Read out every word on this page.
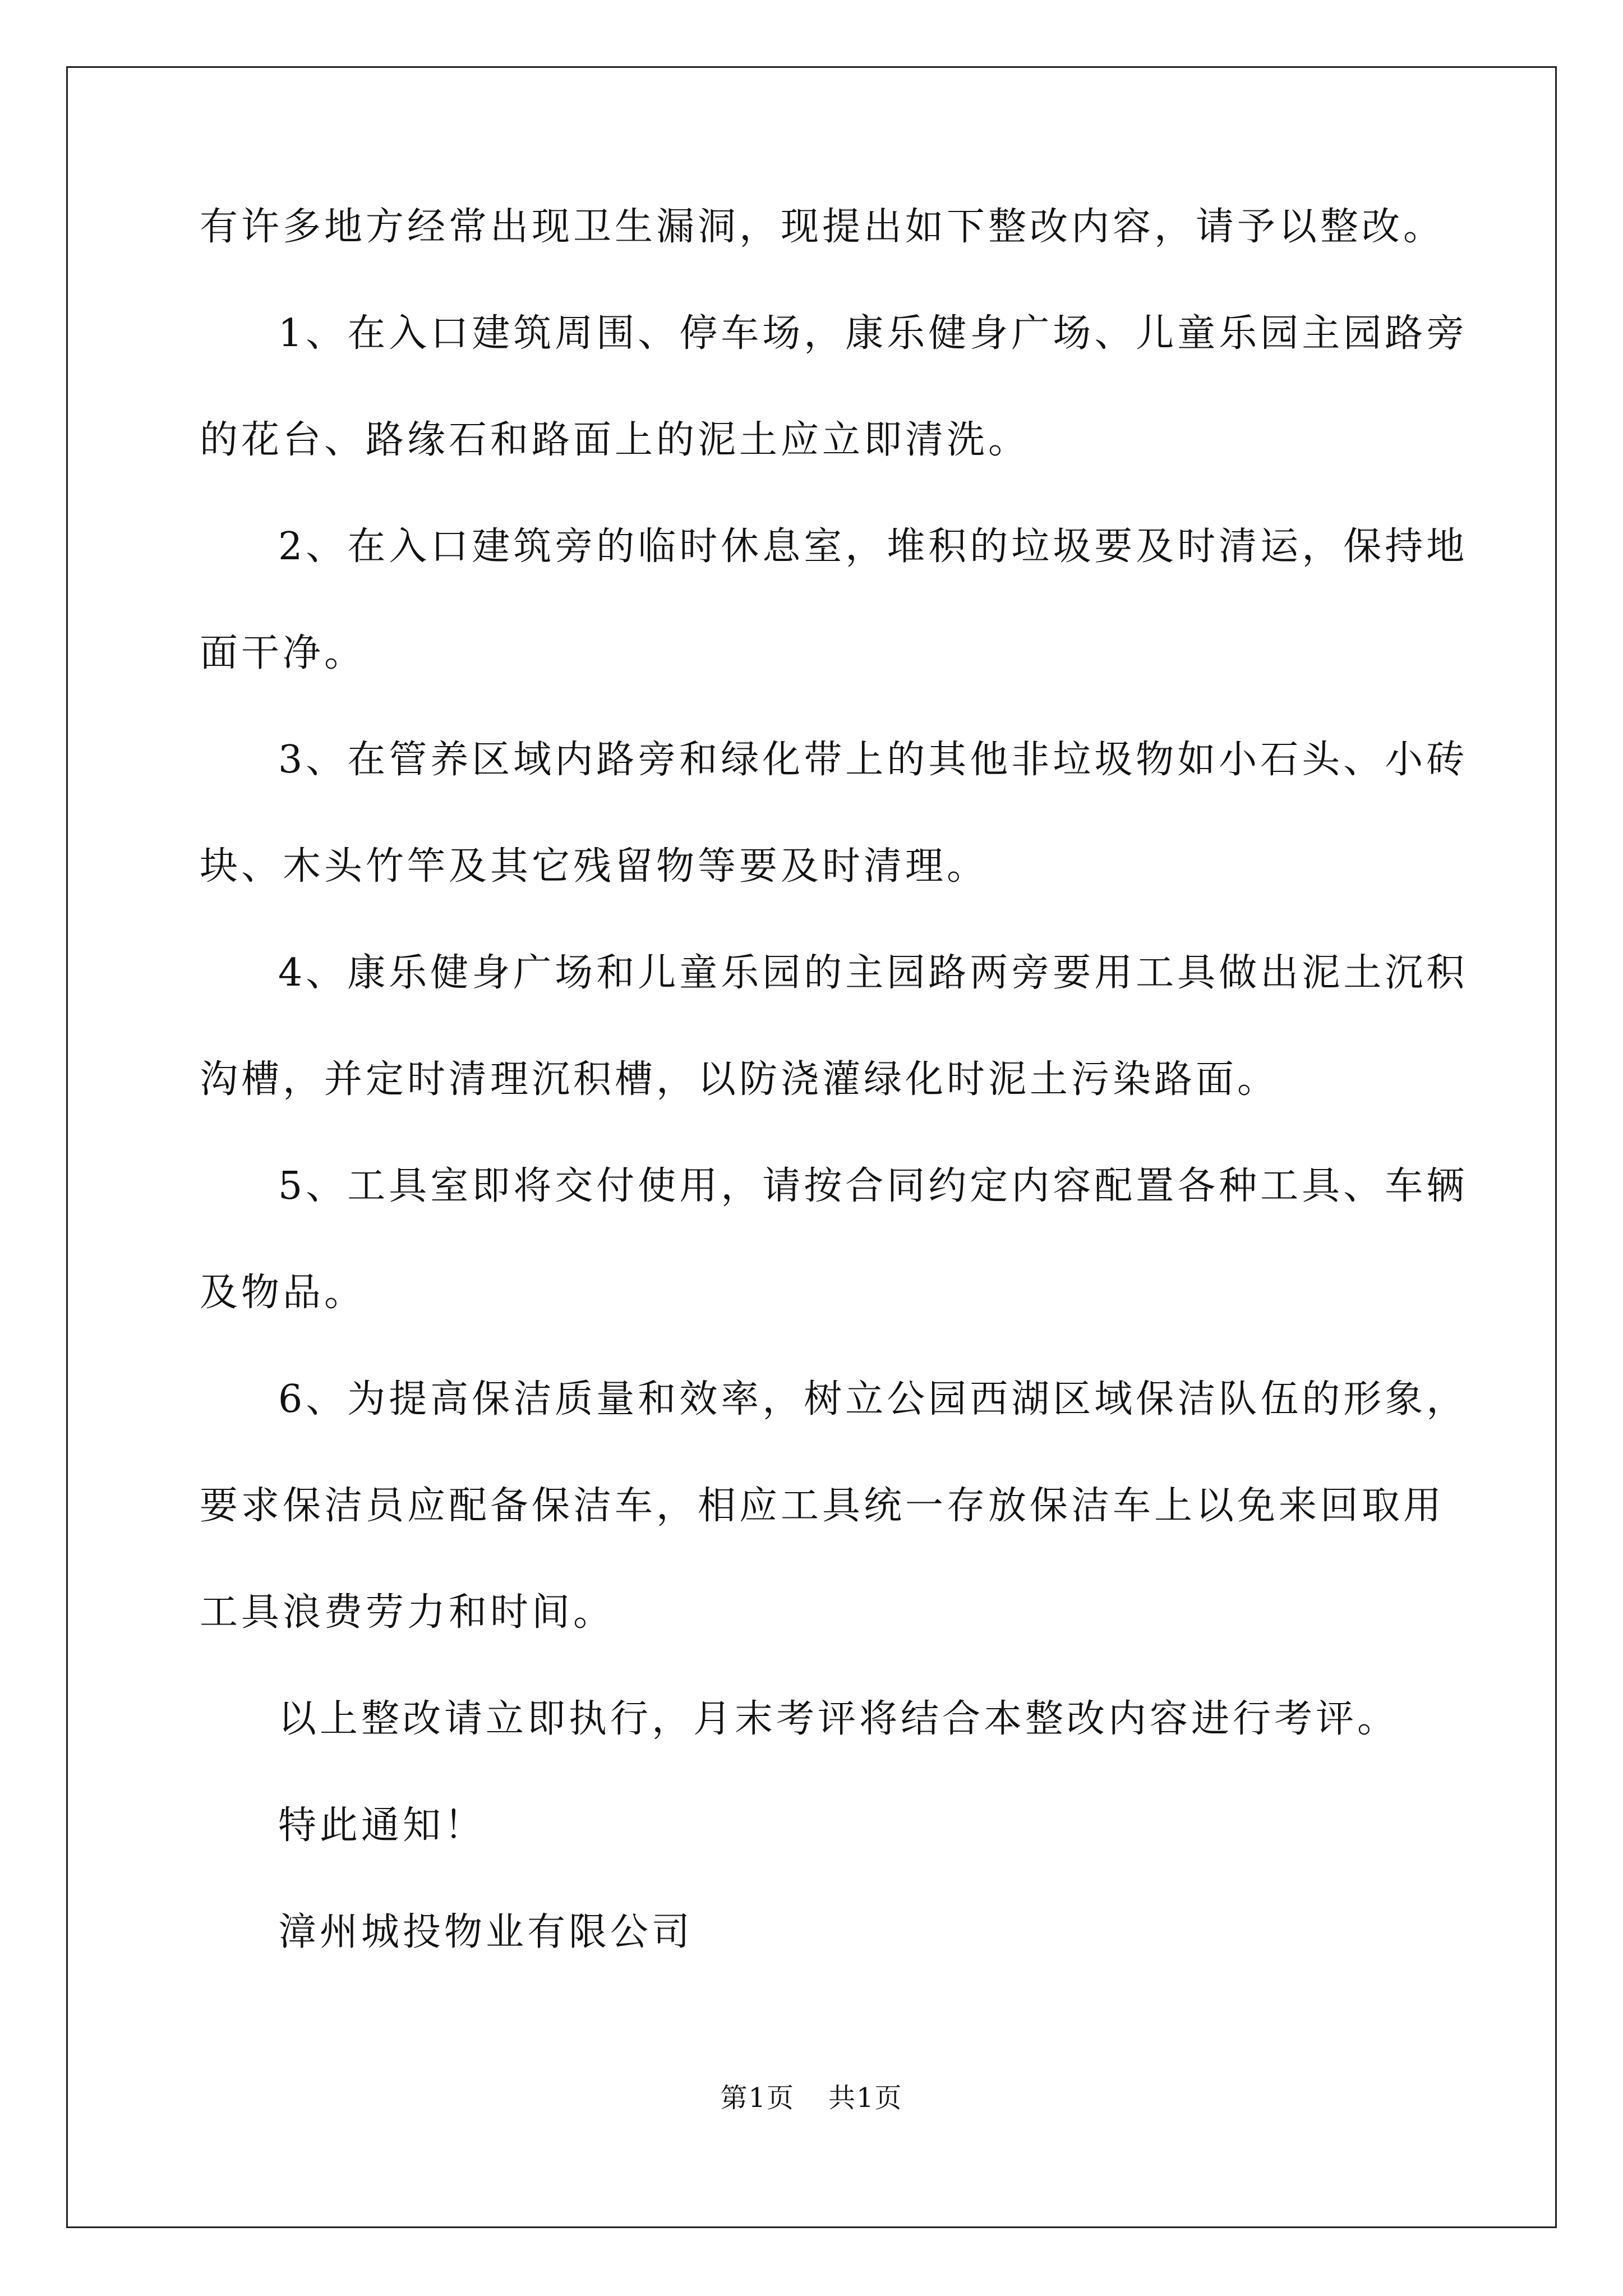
有许多地方经常出现卫生漏洞，现提出如下整改内容，请予以整改。
1、在入口建筑周围、停车场，康乐健身广场、儿童乐园主园路旁
的花台、路缘石和路面上的泥土应立即清洗。
2、在入口建筑旁的临时休息室，堆积的垃圾要及时清运，保持地
面干净。
3、在管养区域内路旁和绿化带上的其他非垃圾物如小石头、小砖
块、木头竹竿及其它残留物等要及时清理。
4、康乐健身广场和儿童乐园的主园路两旁要用工具做出泥土沉积
沟槽，并定时清理沉积槽，以防浇灌绿化时泥土污染路面。
5、工具室即将交付使用，请按合同约定内容配置各种工具、车辆
及物品。
6、为提高保洁质量和效率，树立公园西湖区域保洁队伍的形象，
要求保洁员应配备保洁车，相应工具统一存放保洁车上以免来回取用
工具浪费劳力和时间。
以上整改请立即执行，月末考评将结合本整改内容进行考评。
特此通知！
漳州城投物业有限公司
第1页 共1页
